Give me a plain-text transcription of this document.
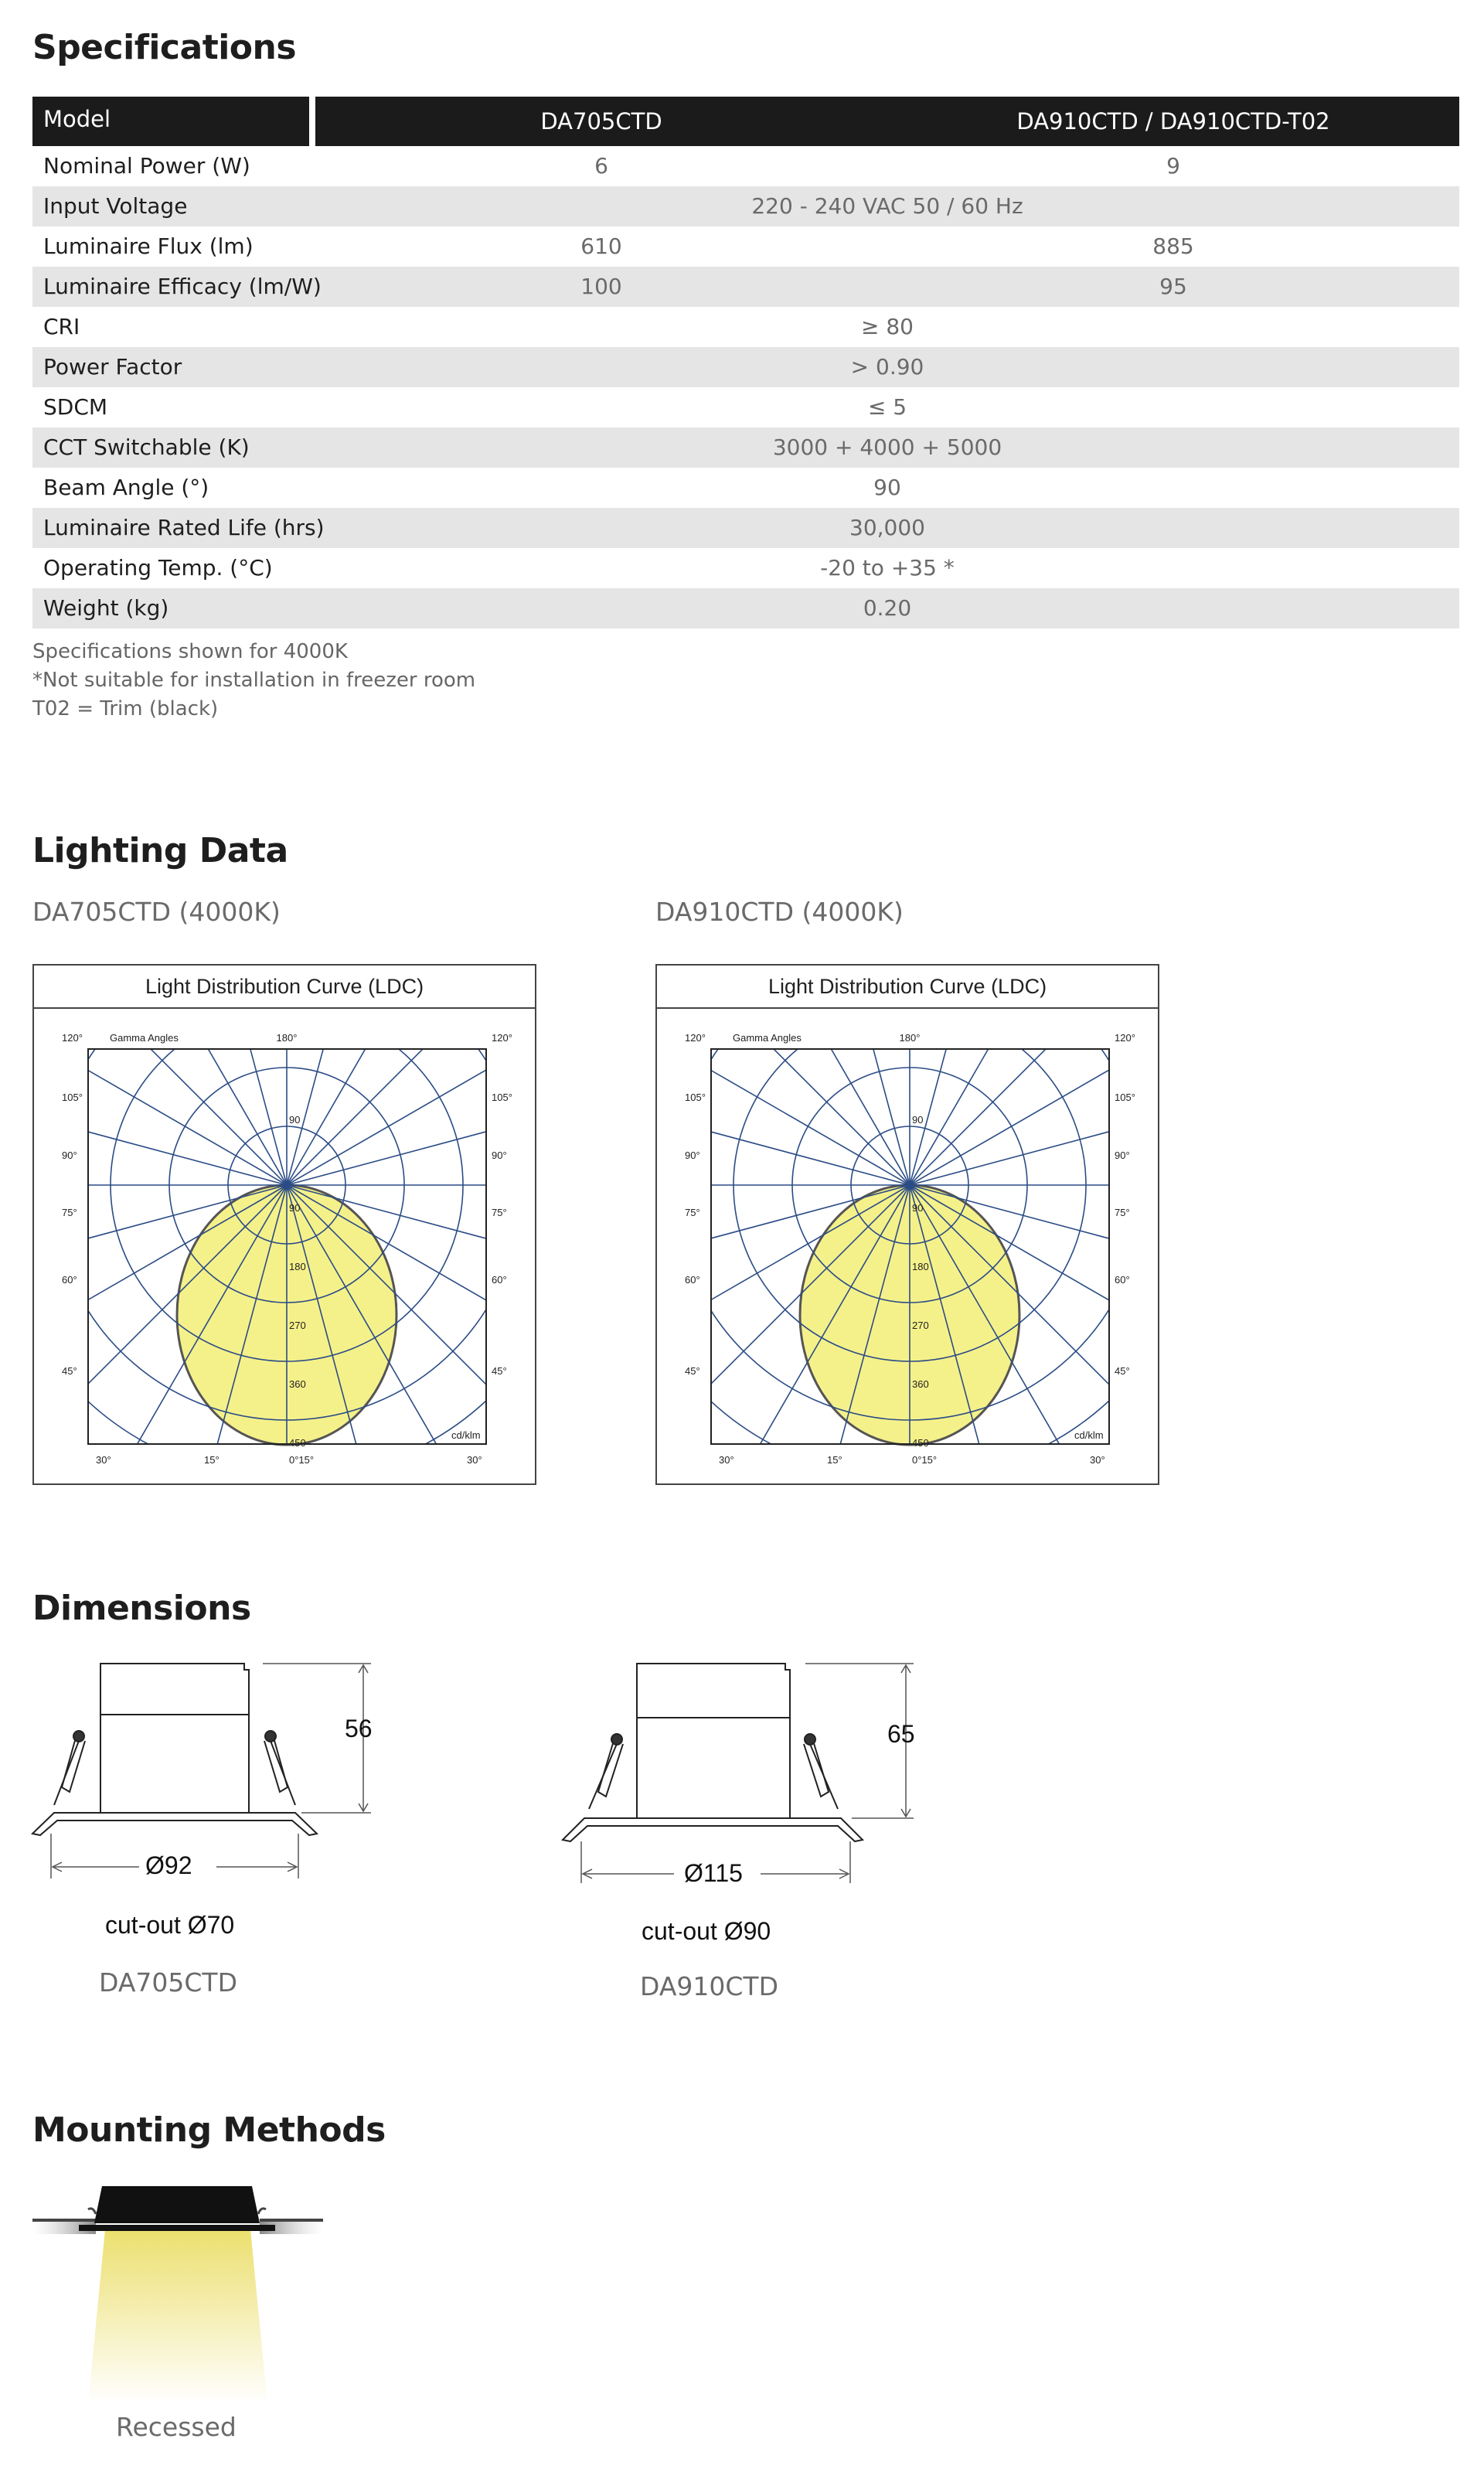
Specifications
Model	DA705CTD	DA910CTD / DA910CTD-T02
Nominal Power (W)	6	9
Input Voltage	220 - 240 VAC 50 / 60 Hz
Luminaire Flux (lm)	610	885
Luminaire Efficacy (lm/W)	100	95
CRI	≥ 80
Power Factor	> 0.90
SDCM	≤ 5
CCT Switchable (K)	3000 + 4000 + 5000
Beam Angle (°)	90
Luminaire Rated Life (hrs)	30,000
Operating Temp. (°C)	-20 to +35 *
Weight (kg)	0.20
Specifications shown for 4000K
*Not suitable for installation in freezer room
T02 = Trim (black)
Lighting Data
DA705CTD (4000K)	DA910CTD (4000K)
Light Distribution Curve (LDC)
120°	Gamma Angles	180°	120°
105°	105°
90°	90°
75°	75°
60°	60°
45°	45°
90
90
180
270
360
450
cd/klm
30°	15°	0°15°	30°
Light Distribution Curve (LDC)
120°	Gamma Angles	180°	120°
105°	105°
90°	90°
75°	75°
60°	60°
45°	45°
90
90
180
270
360
450
cd/klm
30°	15°	0°15°	30°
Dimensions
56
Ø92
cut-out Ø70
DA705CTD
65
Ø115
cut-out Ø90
DA910CTD
Mounting Methods
Recessed
